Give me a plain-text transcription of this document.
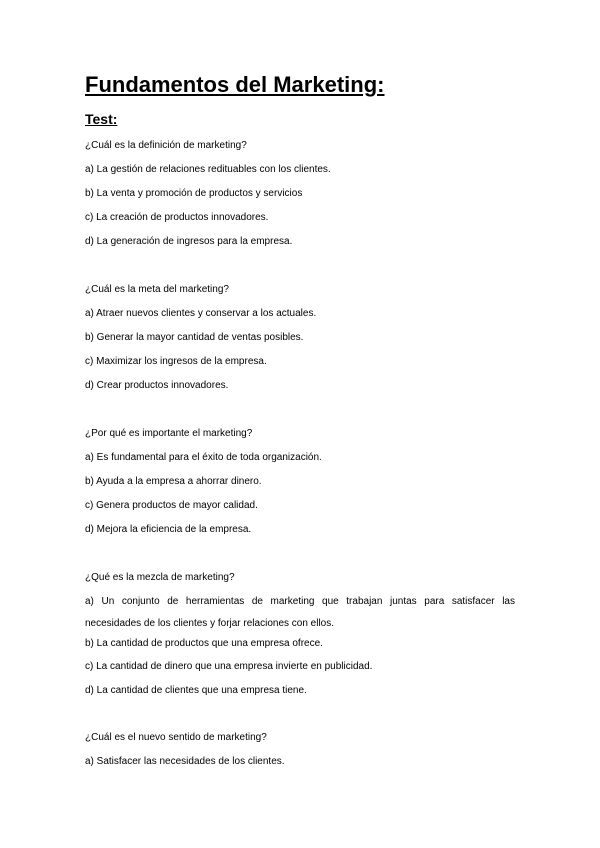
Fundamentos del Marketing:
Test:
¿Cuál es la definición de marketing?
a) La gestión de relaciones redituables con los clientes.
b) La venta y promoción de productos y servicios
c) La creación de productos innovadores.
d) La generación de ingresos para la empresa.
¿Cuál es la meta del marketing?
a) Atraer nuevos clientes y conservar a los actuales.
b) Generar la mayor cantidad de ventas posibles.
c) Maximizar los ingresos de la empresa.
d) Crear productos innovadores.
¿Por qué es importante el marketing?
a) Es fundamental para el éxito de toda organización.
b) Ayuda a la empresa a ahorrar dinero.
c) Genera productos de mayor calidad.
d) Mejora la eficiencia de la empresa.
¿Qué es la mezcla de marketing?
a) Un conjunto de herramientas de marketing que trabajan juntas para satisfacer las necesidades de los clientes y forjar relaciones con ellos.
b) La cantidad de productos que una empresa ofrece.
c) La cantidad de dinero que una empresa invierte en publicidad.
d) La cantidad de clientes que una empresa tiene.
¿Cuál es el nuevo sentido de marketing?
a) Satisfacer las necesidades de los clientes.
